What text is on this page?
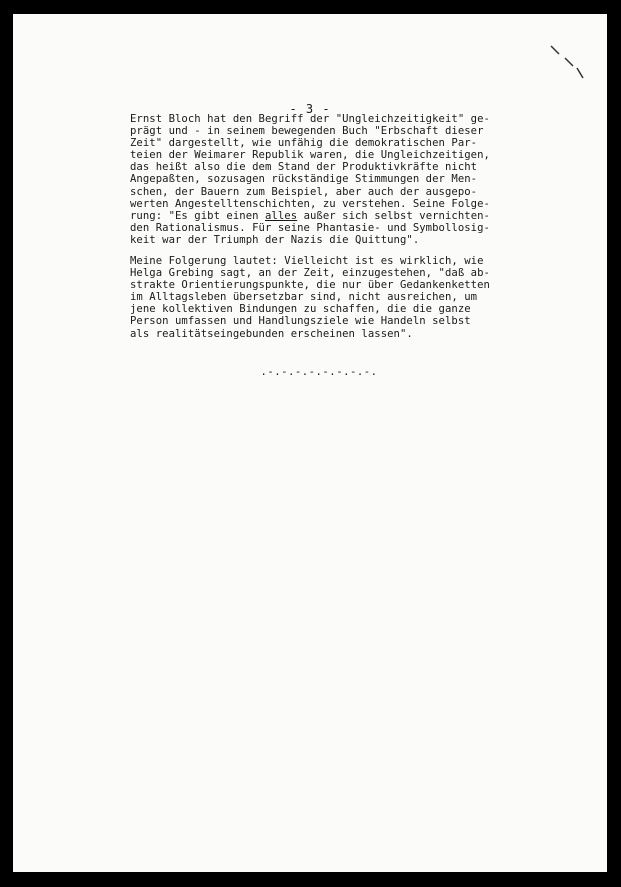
- 3 -
Ernst Bloch hat den Begriff der "Ungleichzeitigkeit" ge-
prägt und - in seinem bewegenden Buch "Erbschaft dieser
Zeit" dargestellt, wie unfähig die demokratischen Par-
teien der Weimarer Republik waren, die Ungleichzeitigen,
das heißt also die dem Stand der Produktivkräfte nicht
Angepaßten, sozusagen rückständige Stimmungen der Men-
schen, der Bauern zum Beispiel, aber auch der ausgepo-
werten Angestelltenschichten, zu verstehen. Seine Folge-
rung: "Es gibt einen alles außer sich selbst vernichten-
den Rationalismus. Für seine Phantasie- und Symbollosig-
keit war der Triumph der Nazis die Quittung".
Meine Folgerung lautet: Vielleicht ist es wirklich, wie
Helga Grebing sagt, an der Zeit, einzugestehen, "daß ab-
strakte Orientierungspunkte, die nur über Gedankenketten
im Alltagsleben übersetzbar sind, nicht ausreichen, um
jene kollektiven Bindungen zu schaffen, die die ganze
Person umfassen und Handlungsziele wie Handeln selbst
als realitätseingebunden erscheinen lassen".
.-.-.-.-.-.-.-.-.
